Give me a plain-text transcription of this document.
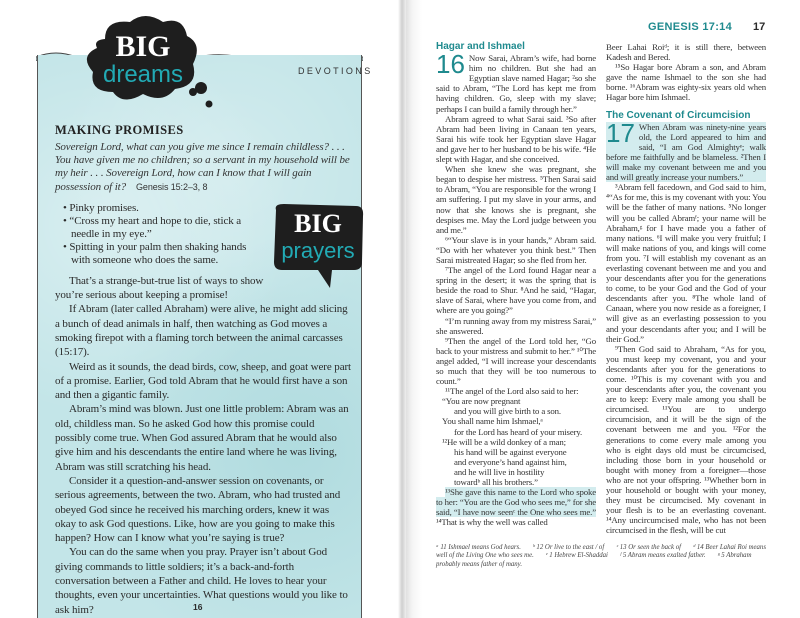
MAKING PROMISES
Sovereign Lord, what can you give me since I remain childless? . . . You have given me no children; so a servant in my household will be my heir . . . Sovereign Lord, how can I know that I will gain possession of it? Genesis 15:2–3, 8
BIG
prayers
• Pinky promises.
• “Cross my heart and hope to die, stick a needle in my eye.”
• Spitting in your palm then shaking hands with someone who does the same.

That’s a strange-but-true list of ways to show you’re serious about keeping a promise!

If Abram (later called Abraham) were alive, he might add slicing a bunch of dead animals in half, then watching as God moves a smoking firepot with a flaming torch between the animal carcasses (15:17).

Weird as it sounds, the dead birds, cow, sheep, and goat were part of a promise. Earlier, God told Abram that he would first have a son and then a gigantic family.

Abram’s mind was blown. Just one little problem: Abram was an old, childless man. So he asked God how this promise could possibly come true. When God assured Abram that he would also give him and his descendants the entire land where he was living, Abram was still scratching his head.

Consider it a question-and-answer session on covenants, or serious agreements, between the two. Abram, who had trusted and obeyed God since he received his marching orders, knew it was okay to ask God questions. Like, how are you going to make this happen? How can I know what you’re saying is true?

You can do the same when you pray. Prayer isn’t about God giving commands to little soldiers; it’s a back-and-forth conversation between a Father and child. He loves to hear your thoughts, even your uncertainties. What questions would you like to ask him?

BIG
dreams	DEVOTIONS
16
GENESIS 17:14 17
Hagar and Ishmael

16 Now Sarai, Abram’s wife, had borne him no children. But she had an Egyptian slave named Hagar; ²so she said to Abram, “The Lord has kept me from having children. Go, sleep with my slave; perhaps I can build a family through her.”

Abram agreed to what Sarai said. ³So after Abram had been living in Canaan ten years, Sarai his wife took her Egyptian slave Hagar and gave her to her husband to be his wife. ⁴He slept with Hagar, and she conceived.

When she knew she was pregnant, she began to despise her mistress. ⁵Then Sarai said to Abram, “You are responsible for the wrong I am suffering. I put my slave in your arms, and now that she knows she is pregnant, she despises me. May the Lord judge between you and me.”

⁶“Your slave is in your hands,” Abram said. “Do with her whatever you think best.” Then Sarai mistreated Hagar; so she fled from her.

⁷The angel of the Lord found Hagar near a spring in the desert; it was the spring that is beside the road to Shur. ⁸And he said, “Hagar, slave of Sarai, where have you come from, and where are you going?”

“I’m running away from my mistress Sarai,” she answered.

⁹Then the angel of the Lord told her, “Go back to your mistress and submit to her.” ¹⁰The angel added, “I will increase your descendants so much that they will be too numerous to count.”

¹¹The angel of the Lord also said to her:

“You are now pregnant
and you will give birth to a son.
You shall name him Ishmael,ᵃ
for the Lord has heard of your misery.
¹²He will be a wild donkey of a man;
his hand will be against everyone
and everyone’s hand against him,
and he will live in hostility
towardᵇ all his brothers.”

¹³She gave this name to the Lord who spoke to her: “You are the God who sees me,” for she said, “I have now seenᶜ the One who sees me.” ¹⁴That is why the well was called

Beer Lahai Roiᵈ; it is still there, between Kadesh and Bered.

¹⁵So Hagar bore Abram a son, and Abram gave the name Ishmael to the son she had borne. ¹⁶Abram was eighty-six years old when Hagar bore him Ishmael.

The Covenant of Circumcision

17 When Abram was ninety-nine years old, the Lord appeared to him and said, “I am God Almightyᵉ; walk before me faithfully and be blameless. ²Then I will make my covenant between me and you and will greatly increase your numbers.”

³Abram fell facedown, and God said to him, ⁴“As for me, this is my covenant with you: You will be the father of many nations. ⁵No longer will you be called Abramᶠ; your name will be Abraham,ᵍ for I have made you a father of many nations. ⁶I will make you very fruitful; I will make nations of you, and kings will come from you. ⁷I will establish my covenant as an everlasting covenant between me and you and your descendants after you for the generations to come, to be your God and the God of your descendants after you. ⁸The whole land of Canaan, where you now reside as a foreigner, I will give as an everlasting possession to you and your descendants after you; and I will be their God.”

⁹Then God said to Abraham, “As for you, you must keep my covenant, you and your descendants after you for the generations to come. ¹⁰This is my covenant with you and your descendants after you, the covenant you are to keep: Every male among you shall be circumcised. ¹¹You are to undergo circumcision, and it will be the sign of the covenant between me and you. ¹²For the generations to come every male among you who is eight days old must be circumcised, including those born in your household or bought with money from a foreigner—those who are not your offspring. ¹³Whether born in your household or bought with your money, they must be circumcised. My covenant in your flesh is to be an everlasting covenant. ¹⁴Any uncircumcised male, who has not been circumcised in the flesh, will be cut

ᵃ 11 Ishmael means God hears. ᵇ 12 Or live to the east / of ᶜ 13 Or seen the back of ᵈ 14 Beer Lahai Roi means well of the Living One who sees me. ᵉ 1 Hebrew El-Shaddai ᶠ 5 Abram means exalted father. ᵍ 5 Abraham probably means father of many.
